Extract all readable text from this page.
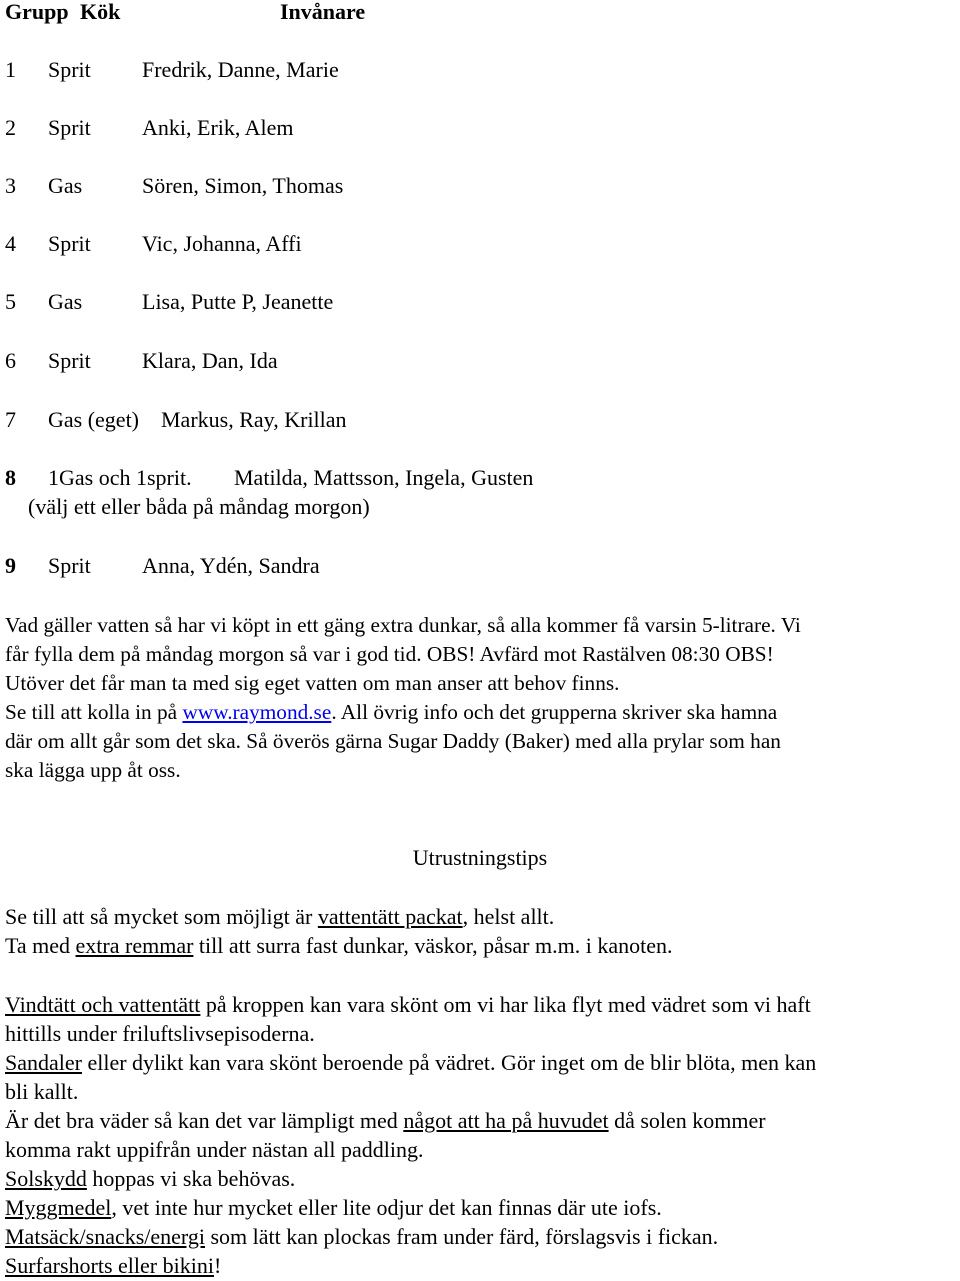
Grupp Kök	Invånare
1 Sprit Fredrik, Danne, Marie
2 Sprit Anki, Erik, Alem
3 Gas	Sören, Simon, Thomas
4 Sprit Vic, Johanna, Affi
5 Gas	Lisa, Putte P, Jeanette
6 Sprit Klara, Dan, Ida
7 Gas (eget) Markus, Ray, Krillan
8 1Gas och 1sprit. Matilda, Mattsson, Ingela, Gusten
(välj ett eller båda på måndag morgon)
9 Sprit Anna, Ydén, Sandra
Vad gäller vatten så har vi köpt in ett gäng extra dunkar, så alla kommer få varsin 5-litrare. Vi
får fylla dem på måndag morgon så var i god tid. OBS! Avfärd mot Rastälven 08:30 OBS!
Utöver det får man ta med sig eget vatten om man anser att behov finns.
Se till att kolla in på www.raymond.se. All övrig info och det grupperna skriver ska hamna
där om allt går som det ska. Så överös gärna Sugar Daddy (Baker) med alla prylar som han
ska lägga upp åt oss.
Utrustningstips
Se till att så mycket som möjligt är vattentätt packat, helst allt.
Ta med extra remmar till att surra fast dunkar, väskor, påsar m.m. i kanoten.
Vindtätt och vattentätt på kroppen kan vara skönt om vi har lika flyt med vädret som vi haft
hittills under friluftslivsepisoderna.
Sandaler eller dylikt kan vara skönt beroende på vädret. Gör inget om de blir blöta, men kan
bli kallt.
Är det bra väder så kan det var lämpligt med något att ha på huvudet då solen kommer
komma rakt uppifrån under nästan all paddling.
Solskydd hoppas vi ska behövas.
Myggmedel, vet inte hur mycket eller lite odjur det kan finnas där ute iofs.
Matsäck/snacks/energi som lätt kan plockas fram under färd, förslagsvis i fickan.
Surfarshorts eller bikini!
